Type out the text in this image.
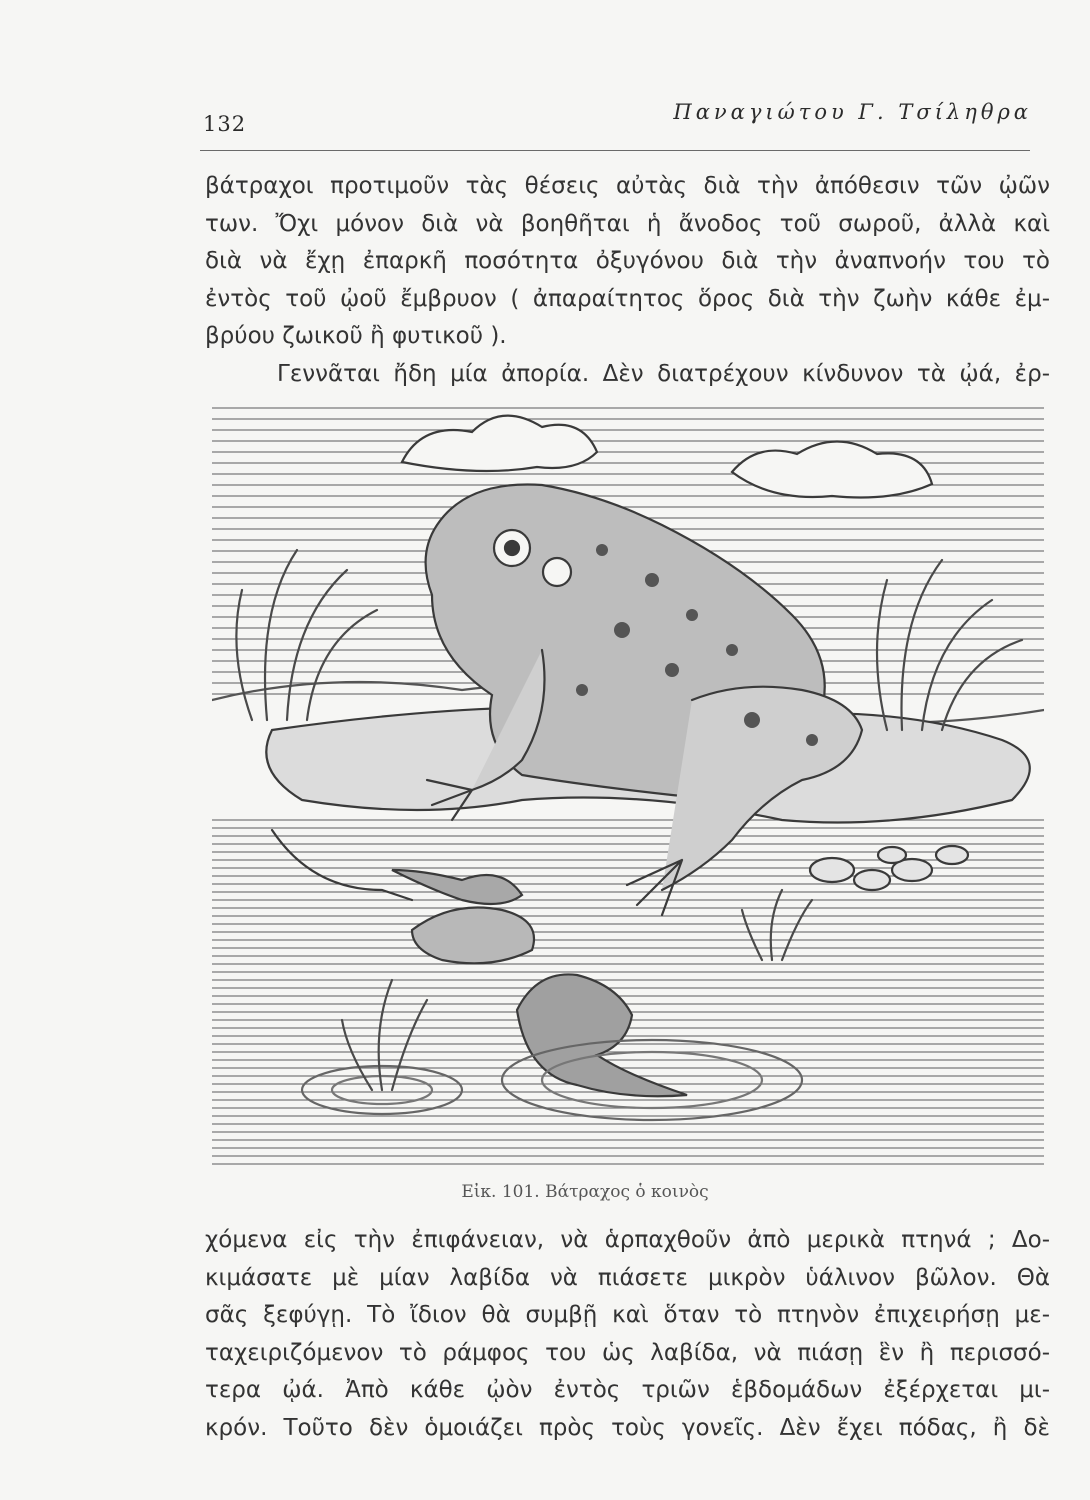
132	Παναγιώτου Γ. Τσίληθρα
βάτραχοι προτιμοῦν τὰς θέσεις αὐτὰς διὰ τὴν ἀπόθεσιν τῶν ᾠῶν
των. Ὄχι μόνον διὰ νὰ βοηθῆται ἡ ἄνοδος τοῦ σωροῦ, ἀλλὰ καὶ
διὰ νὰ ἔχῃ ἐπαρκῆ ποσότητα ὀξυγόνου διὰ τὴν ἀναπνοήν του τὸ
ἐντὸς τοῦ ᾠοῦ ἔμβρυον ( ἀπαραίτητος ὅρος διὰ τὴν ζωὴν κάθε ἐμ-
βρύου ζωικοῦ ἢ φυτικοῦ ).
Γεννᾶται ἤδη μία ἀπορία. Δὲν διατρέχουν κίνδυνον τὰ ᾠά, ἐρ-
Εἰκ. 101. Βάτραχος ὁ κοινὸς
χόμενα εἰς τὴν ἐπιφάνειαν, νὰ ἁρπαχθοῦν ἀπὸ μερικὰ πτηνά ; Δο-
κιμάσατε μὲ μίαν λαβίδα νὰ πιάσετε μικρὸν ὑάλινον βῶλον. Θὰ
σᾶς ξεφύγῃ. Τὸ ἴδιον θὰ συμβῇ καὶ ὅταν τὸ πτηνὸν ἐπιχειρήσῃ με-
ταχειριζόμενον τὸ ράμφος του ὡς λαβίδα, νὰ πιάσῃ ἓν ἢ περισσό-
τερα ᾠά. Ἀπὸ κάθε ᾠὸν ἐντὸς τριῶν ἑβδομάδων ἐξέρχεται μι-
κρόν. Τοῦτο δὲν ὁμοιάζει πρὸς τοὺς γονεῖς. Δὲν ἔχει πόδας, ἢ δὲ
